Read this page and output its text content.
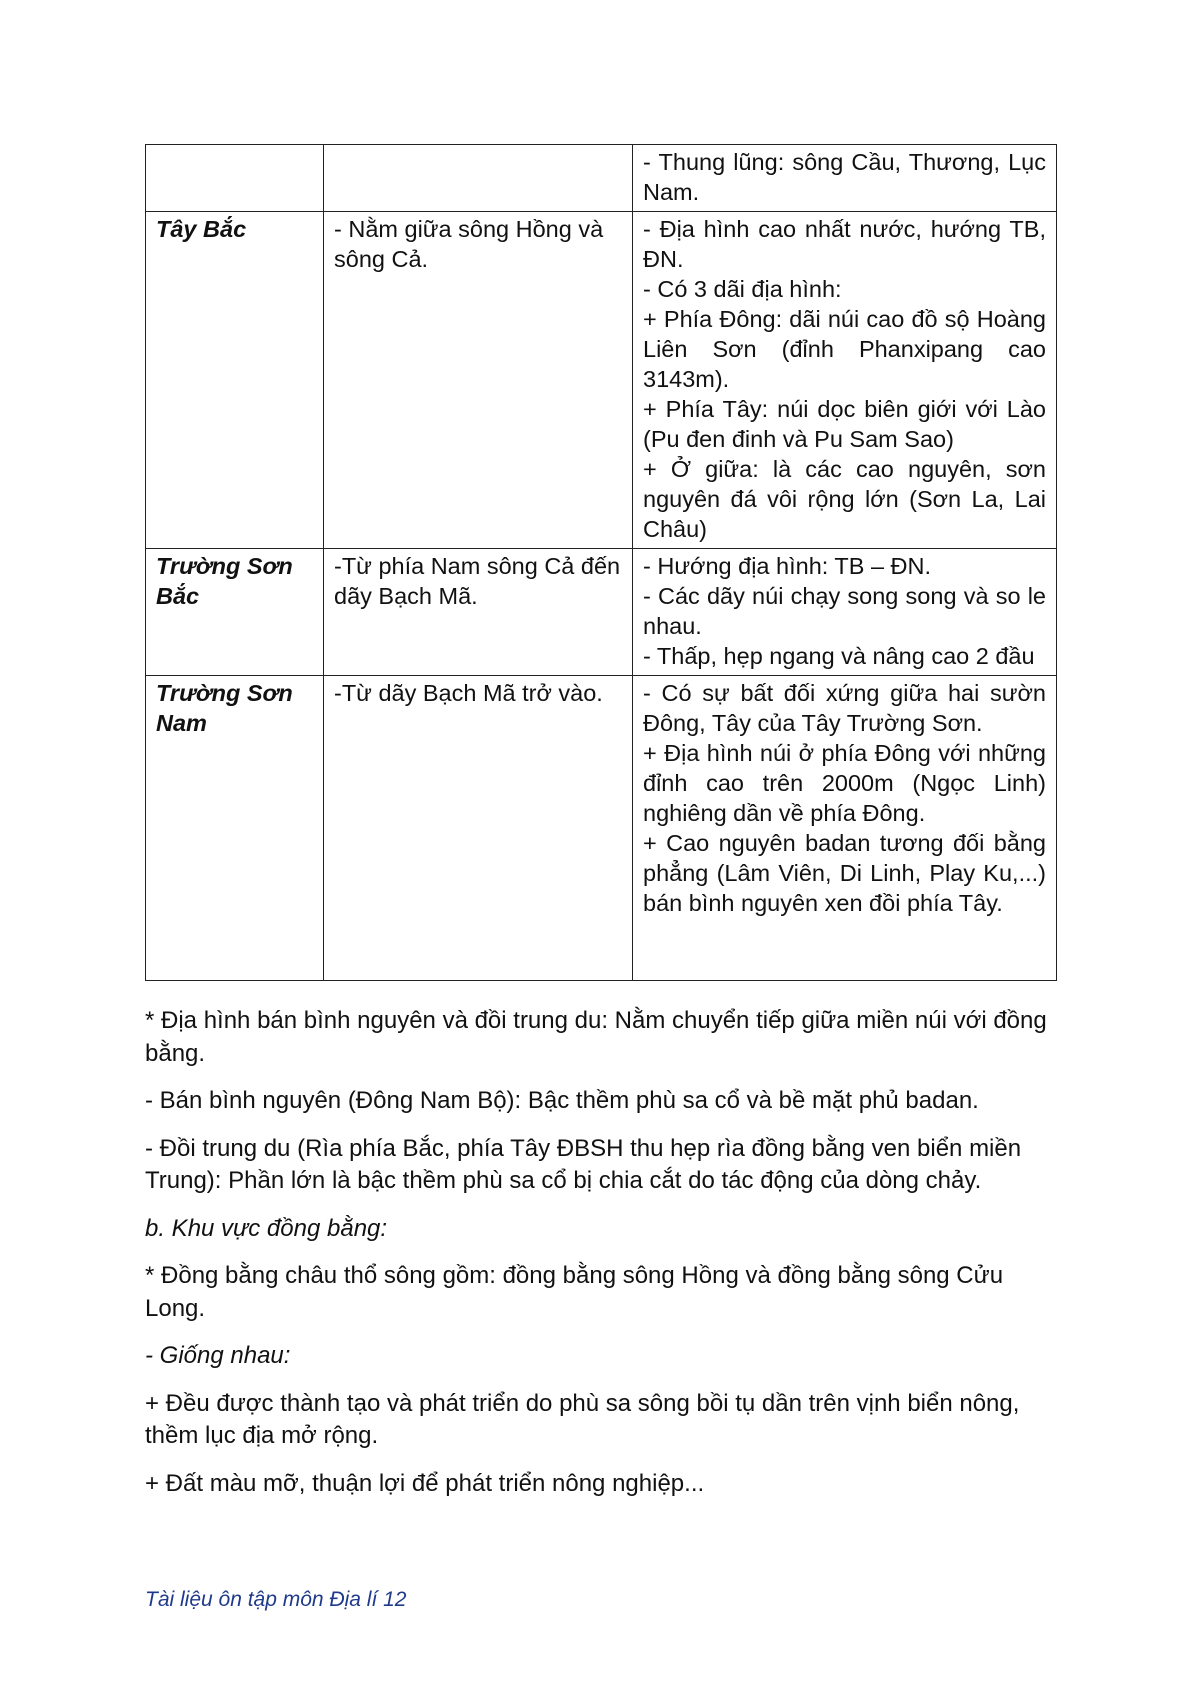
		- Thung lũng: sông Cầu, Thương, Lục Nam.

Tây Bắc	- Nằm giữa sông Hồng và sông Cả.	- Địa hình cao nhất nước, hướng TB, ĐN.
- Có 3 dãi địa hình:
+ Phía Đông: dãi núi cao đồ sộ Hoàng Liên Sơn (đỉnh Phanxipang cao 3143m).
+ Phía Tây: núi dọc biên giới với Lào (Pu đen đinh và Pu Sam Sao)
+ Ở giữa: là các cao nguyên, sơn nguyên đá vôi rộng lớn (Sơn La, Lai Châu)

Trường Sơn Bắc	-Từ phía Nam sông Cả đến dãy Bạch Mã.	- Hướng địa hình: TB – ĐN.
- Các dãy núi chạy song song và so le nhau.
- Thấp, hẹp ngang và nâng cao 2 đầu

Trường Sơn Nam	-Từ dãy Bạch Mã trở vào.	- Có sự bất đối xứng giữa hai sườn Đông, Tây của Tây Trường Sơn.
+ Địa hình núi ở phía Đông với những đỉnh cao trên 2000m (Ngọc Linh) nghiêng dần về phía Đông.
+ Cao nguyên badan tương đối bằng phẳng (Lâm Viên, Di Linh, Play Ku,...) bán bình nguyên xen đồi phía Tây.

* Địa hình bán bình nguyên và đồi trung du: Nằm chuyển tiếp giữa miền núi với đồng bằng.

- Bán bình nguyên (Đông Nam Bộ): Bậc thềm phù sa cổ và bề mặt phủ badan.

- Đồi trung du (Rìa phía Bắc, phía Tây ĐBSH thu hẹp rìa đồng bằng ven biển miền Trung): Phần lớn là bậc thềm phù sa cổ bị chia cắt do tác động của dòng chảy.

b. Khu vực đồng bằng:

* Đồng bằng châu thổ sông gồm: đồng bằng sông Hồng và đồng bằng sông Cửu Long.

- Giống nhau:

+ Đều được thành tạo và phát triển do phù sa sông bồi tụ dần trên vịnh biển nông, thềm lục địa mở rộng.

+ Đất màu mỡ, thuận lợi để phát triển nông nghiệp...

Tài liệu ôn tập môn Địa lí 12
